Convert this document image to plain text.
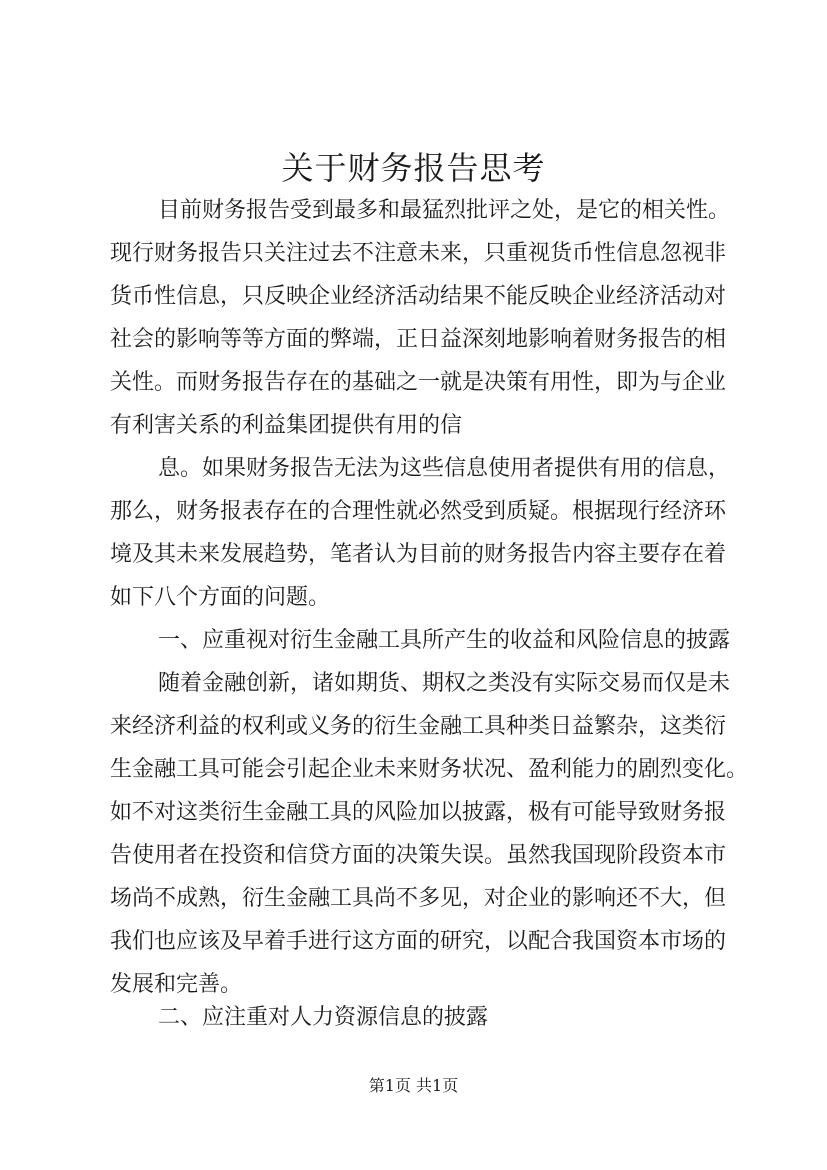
关于财务报告思考
目前财务报告受到最多和最猛烈批评之处，是它的相关性。
现行财务报告只关注过去不注意未来，只重视货币性信息忽视非
货币性信息，只反映企业经济活动结果不能反映企业经济活动对
社会的影响等等方面的弊端，正日益深刻地影响着财务报告的相
关性。而财务报告存在的基础之一就是决策有用性，即为与企业
有利害关系的利益集团提供有用的信
息。如果财务报告无法为这些信息使用者提供有用的信息，
那么，财务报表存在的合理性就必然受到质疑。根据现行经济环
境及其未来发展趋势，笔者认为目前的财务报告内容主要存在着
如下八个方面的问题。
一、应重视对衍生金融工具所产生的收益和风险信息的披露
随着金融创新，诸如期货、期权之类没有实际交易而仅是未
来经济利益的权利或义务的衍生金融工具种类日益繁杂，这类衍
生金融工具可能会引起企业未来财务状况、盈利能力的剧烈变化。
如不对这类衍生金融工具的风险加以披露，极有可能导致财务报
告使用者在投资和信贷方面的决策失误。虽然我国现阶段资本市
场尚不成熟，衍生金融工具尚不多见，对企业的影响还不大，但
我们也应该及早着手进行这方面的研究，以配合我国资本市场的
发展和完善。
二、应注重对人力资源信息的披露
第1页 共1页
